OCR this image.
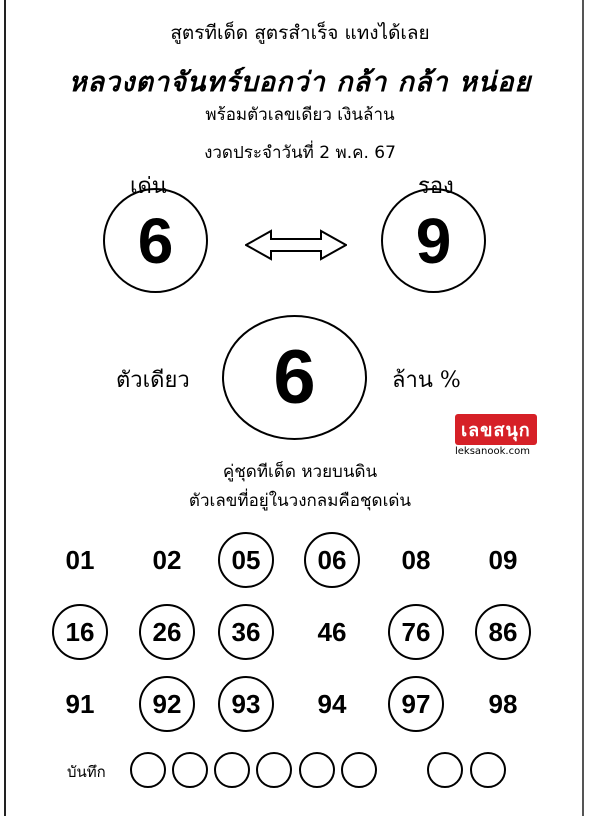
สูตรทีเด็ด สูตรสำเร็จ แทงได้เลย
หลวงตาจันทร์บอกว่า กล้า กล้า หน่อย
พร้อมตัวเลขเดียว เงินล้าน
งวดประจำวันที่ 2 พ.ค. 67
เด่น	รอง
6	9
ตัวเดียว 6	ล้าน %
เลขสนุก
leksanook.com
คู่ชุดทีเด็ด หวยบนดิน
ตัวเลขที่อยู่ในวงกลมคือชุดเด่น
01	02	05	06	08	09
16	26	36	46	76	86
91	92	93	94	97	98
บันทึก
